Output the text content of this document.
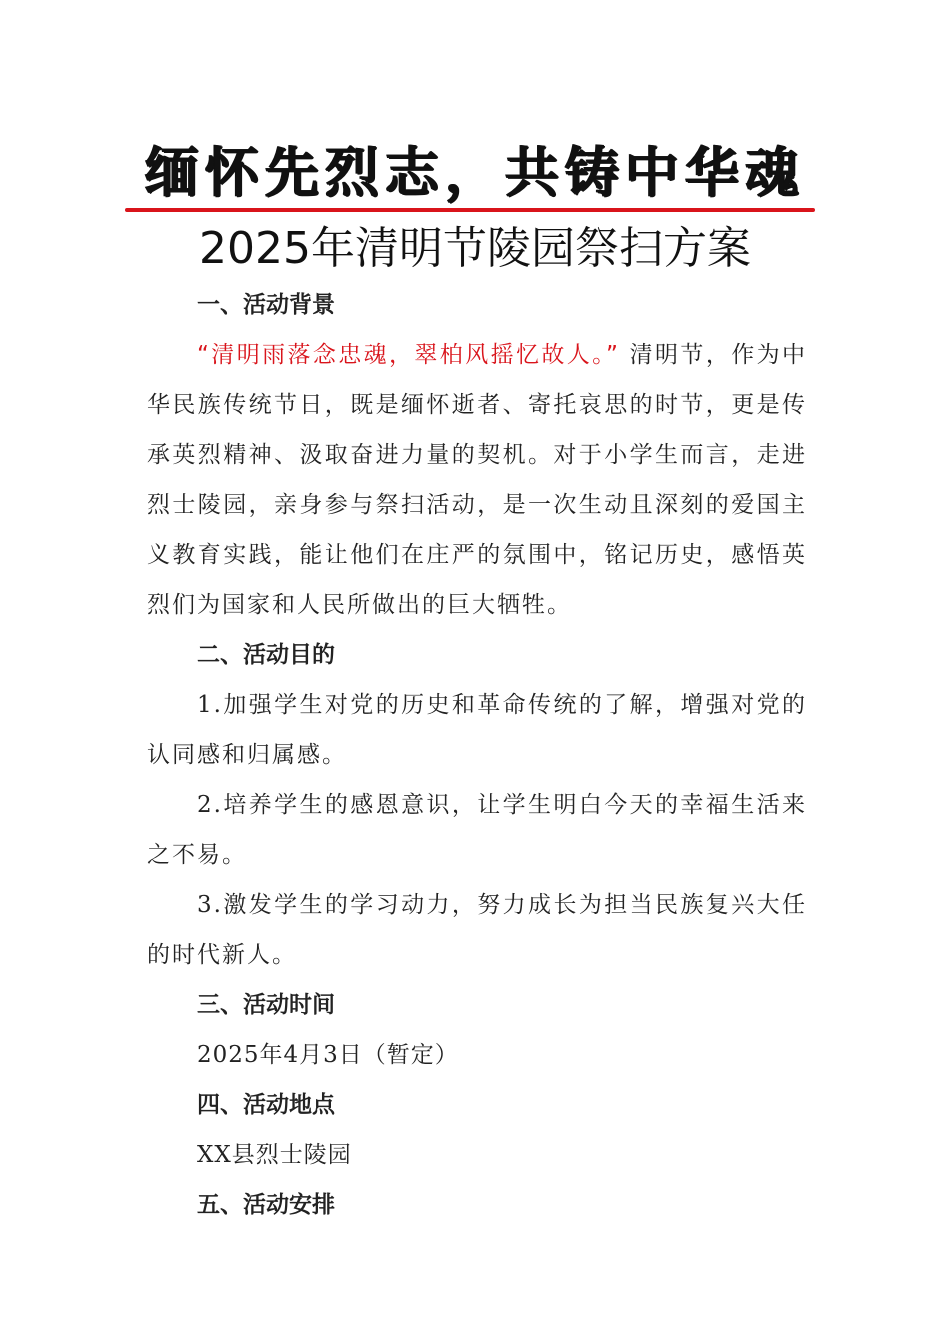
缅怀先烈志，共铸中华魂
2025年清明节陵园祭扫方案
一、活动背景
“清明雨落念忠魂，翠柏风摇忆故人。” 清明节，作为中华民族传统节日，既是缅怀逝者、寄托哀思的时节，更是传承英烈精神、汲取奋进力量的契机。对于小学生而言，走进烈士陵园，亲身参与祭扫活动，是一次生动且深刻的爱国主义教育实践，能让他们在庄严的氛围中，铭记历史，感悟英烈们为国家和人民所做出的巨大牺牲。
二、活动目的
1.加强学生对党的历史和革命传统的了解，增强对党的认同感和归属感。
2.培养学生的感恩意识，让学生明白今天的幸福生活来之不易。
3.激发学生的学习动力，努力成长为担当民族复兴大任的时代新人。
三、活动时间
2025年4月3日（暂定）
四、活动地点
XX县烈士陵园
五、活动安排
